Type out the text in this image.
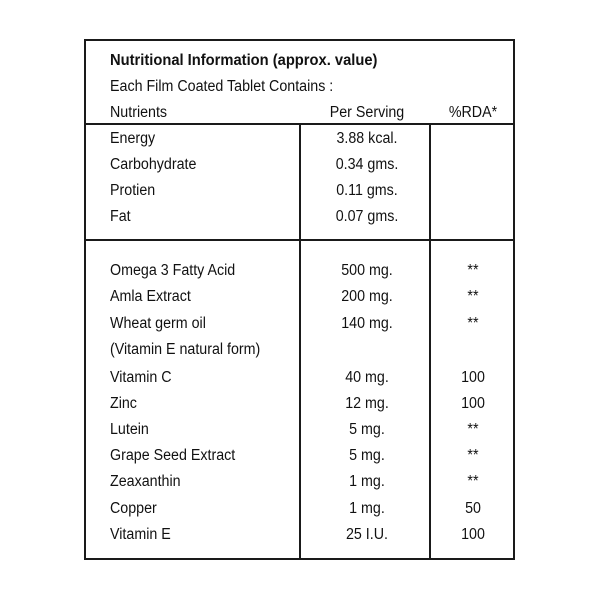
Nutritional Information (approx. value)
Each Film Coated Tablet Contains :
Nutrients	Per Serving	%RDA*
Energy	3.88 kcal.
Carbohydrate	0.34 gms.
Protien	0.11 gms.
Fat	0.07 gms.
Omega 3 Fatty Acid	500 mg.	**
Amla Extract	200 mg.	**
Wheat germ oil	140 mg.	**
(Vitamin E natural form)
Vitamin C	40 mg.	100
Zinc	12 mg.	100
Lutein	5 mg.	**
Grape Seed Extract	5 mg.	**
Zeaxanthin	1 mg.	**
Copper	1 mg.	50
Vitamin E	25 I.U.	100
